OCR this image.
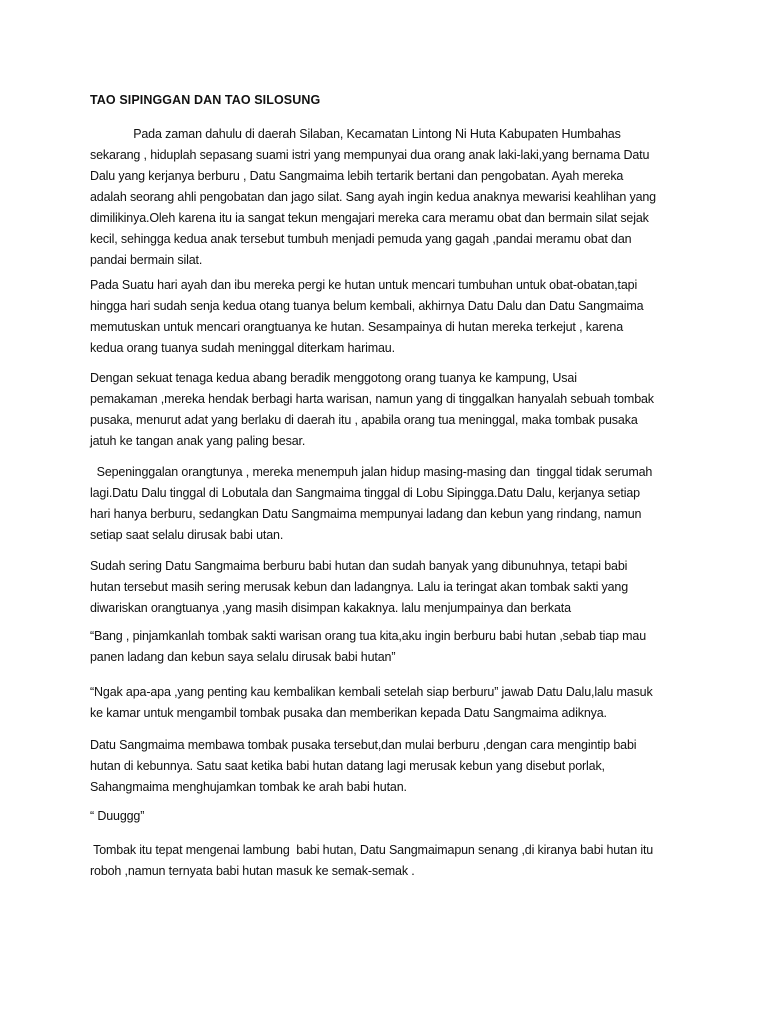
TAO SIPINGGAN DAN TAO SILOSUNG
Pada zaman dahulu di daerah Silaban, Kecamatan Lintong Ni Huta Kabupaten Humbahas
sekarang , hiduplah sepasang suami istri yang mempunyai dua orang anak laki-laki,yang bernama Datu
Dalu yang kerjanya berburu , Datu Sangmaima lebih tertarik bertani dan pengobatan. Ayah mereka
adalah seorang ahli pengobatan dan jago silat. Sang ayah ingin kedua anaknya mewarisi keahlihan yang
dimilikinya.Oleh karena itu ia sangat tekun mengajari mereka cara meramu obat dan bermain silat sejak
kecil, sehingga kedua anak tersebut tumbuh menjadi pemuda yang gagah ,pandai meramu obat dan
pandai bermain silat.
Pada Suatu hari ayah dan ibu mereka pergi ke hutan untuk mencari tumbuhan untuk obat-obatan,tapi
hingga hari sudah senja kedua otang tuanya belum kembali, akhirnya Datu Dalu dan Datu Sangmaima
memutuskan untuk mencari orangtuanya ke hutan. Sesampainya di hutan mereka terkejut , karena
kedua orang tuanya sudah meninggal diterkam harimau.
Dengan sekuat tenaga kedua abang beradik menggotong orang tuanya ke kampung, Usai
pemakaman ,mereka hendak berbagi harta warisan, namun yang di tinggalkan hanyalah sebuah tombak
pusaka, menurut adat yang berlaku di daerah itu , apabila orang tua meninggal, maka tombak pusaka
jatuh ke tangan anak yang paling besar.
Sepeninggalan orangtunya , mereka menempuh jalan hidup masing-masing dan  tinggal tidak serumah
lagi.Datu Dalu tinggal di Lobutala dan Sangmaima tinggal di Lobu Sipingga.Datu Dalu, kerjanya setiap
hari hanya berburu, sedangkan Datu Sangmaima mempunyai ladang dan kebun yang rindang, namun
setiap saat selalu dirusak babi utan.
Sudah sering Datu Sangmaima berburu babi hutan dan sudah banyak yang dibunuhnya, tetapi babi
hutan tersebut masih sering merusak kebun dan ladangnya. Lalu ia teringat akan tombak sakti yang
diwariskan orangtuanya ,yang masih disimpan kakaknya. lalu menjumpainya dan berkata
“Bang , pinjamkanlah tombak sakti warisan orang tua kita,aku ingin berburu babi hutan ,sebab tiap mau
panen ladang dan kebun saya selalu dirusak babi hutan”
“Ngak apa-apa ,yang penting kau kembalikan kembali setelah siap berburu” jawab Datu Dalu,lalu masuk
ke kamar untuk mengambil tombak pusaka dan memberikan kepada Datu Sangmaima adiknya.
Datu Sangmaima membawa tombak pusaka tersebut,dan mulai berburu ,dengan cara mengintip babi
hutan di kebunnya. Satu saat ketika babi hutan datang lagi merusak kebun yang disebut porlak,
Sahangmaima menghujamkan tombak ke arah babi hutan.
“ Duuggg”
Tombak itu tepat mengenai lambung  babi hutan, Datu Sangmaimapun senang ,di kiranya babi hutan itu
roboh ,namun ternyata babi hutan masuk ke semak-semak .
